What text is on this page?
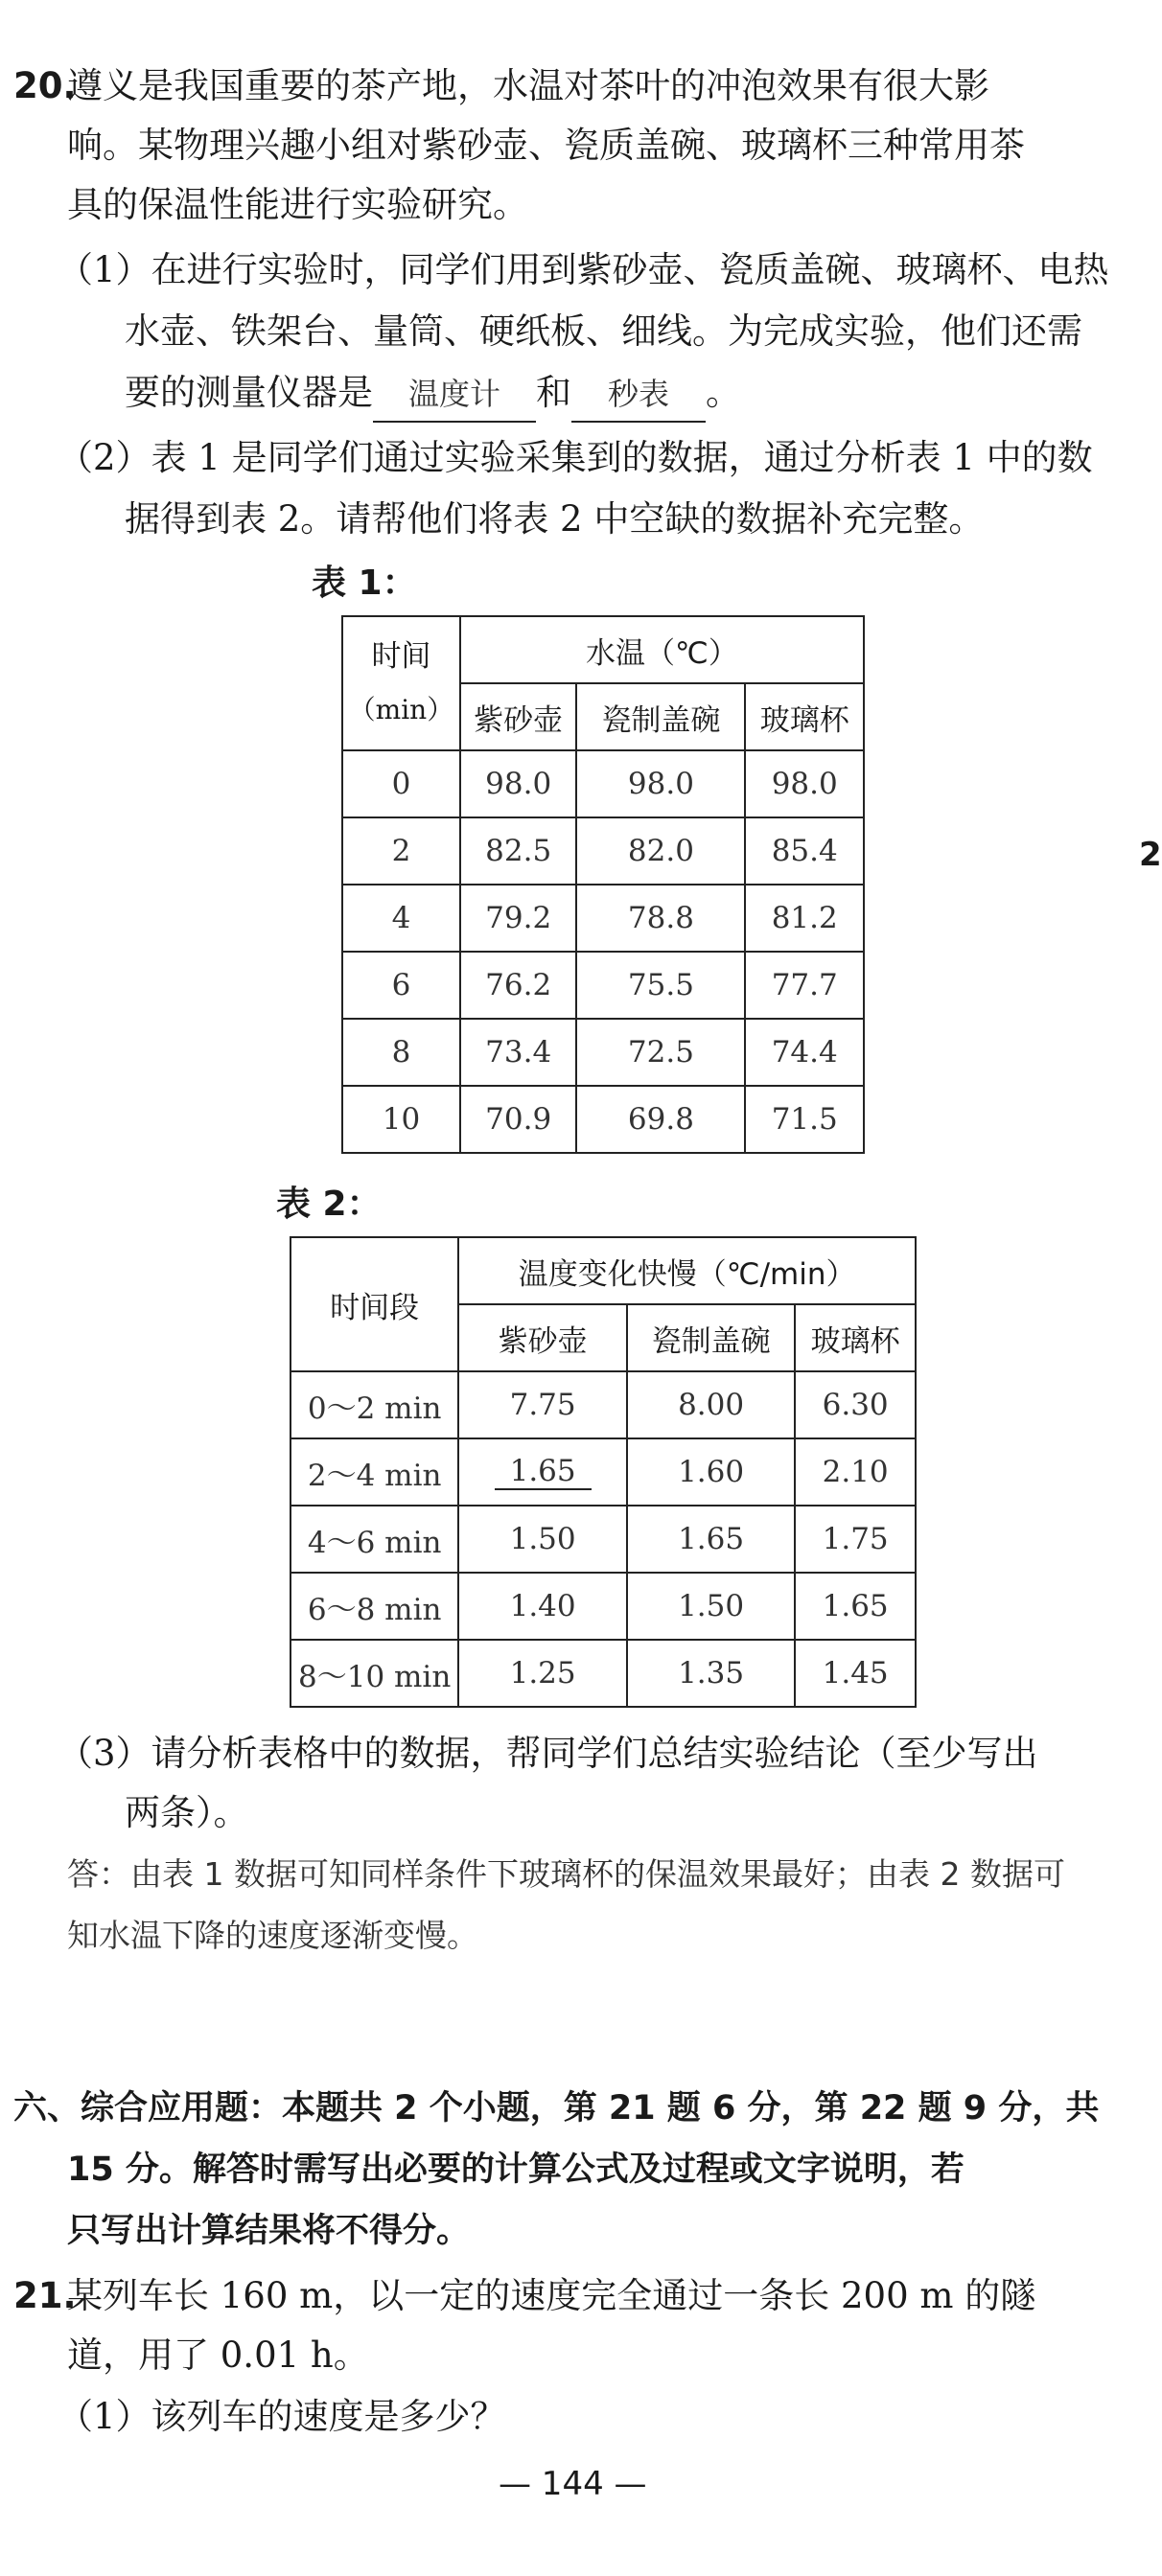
20.
遵义是我国重要的茶产地，水温对茶叶的冲泡效果有很大影
响。某物理兴趣小组对紫砂壶、瓷质盖碗、玻璃杯三种常用茶
具的保温性能进行实验研究。
（1）在进行实验时，同学们用到紫砂壶、瓷质盖碗、玻璃杯、电热
水壶、铁架台、量筒、硬纸板、细线。为完成实验，他们还需
要的测量仪器是 温度计 和 秒表 。
（2）表 1 是同学们通过实验采集到的数据，通过分析表 1 中的数
据得到表 2。请帮他们将表 2 中空缺的数据补充完整。
表 1：
时间
（min）	水温（℃）		
	紫砂壶	瓷制盖碗	玻璃杯
0	98.0	98.0	98.0
2	82.5	82.0	85.4
4	79.2	78.8	81.2
6	76.2	75.5	77.7
8	73.4	72.5	74.4
10	70.9	69.8	71.5
表 2：
时间段	温度变化快慢（℃/min）		
	紫砂壶	瓷制盖碗	玻璃杯
0～2 min	7.75	8.00	6.30
2～4 min	1.65	1.60	2.10
4～6 min	1.50	1.65	1.75
6～8 min	1.40	1.50	1.65
8～10 min	1.25	1.35	1.45
（3）请分析表格中的数据，帮同学们总结实验结论（至少写出
两条）。
答：由表 1 数据可知同样条件下玻璃杯的保温效果最好；由表 2 数据可
知水温下降的速度逐渐变慢。
六、综合应用题：本题共 2 个小题，第 21 题 6 分，第 22 题 9 分，共
15 分。解答时需写出必要的计算公式及过程或文字说明，若
只写出计算结果将不得分。
21.
某列车长 160 m，以一定的速度完全通过一条长 200 m 的隧
道，用了 0.01 h。
（1）该列车的速度是多少？
— 144 —
2
